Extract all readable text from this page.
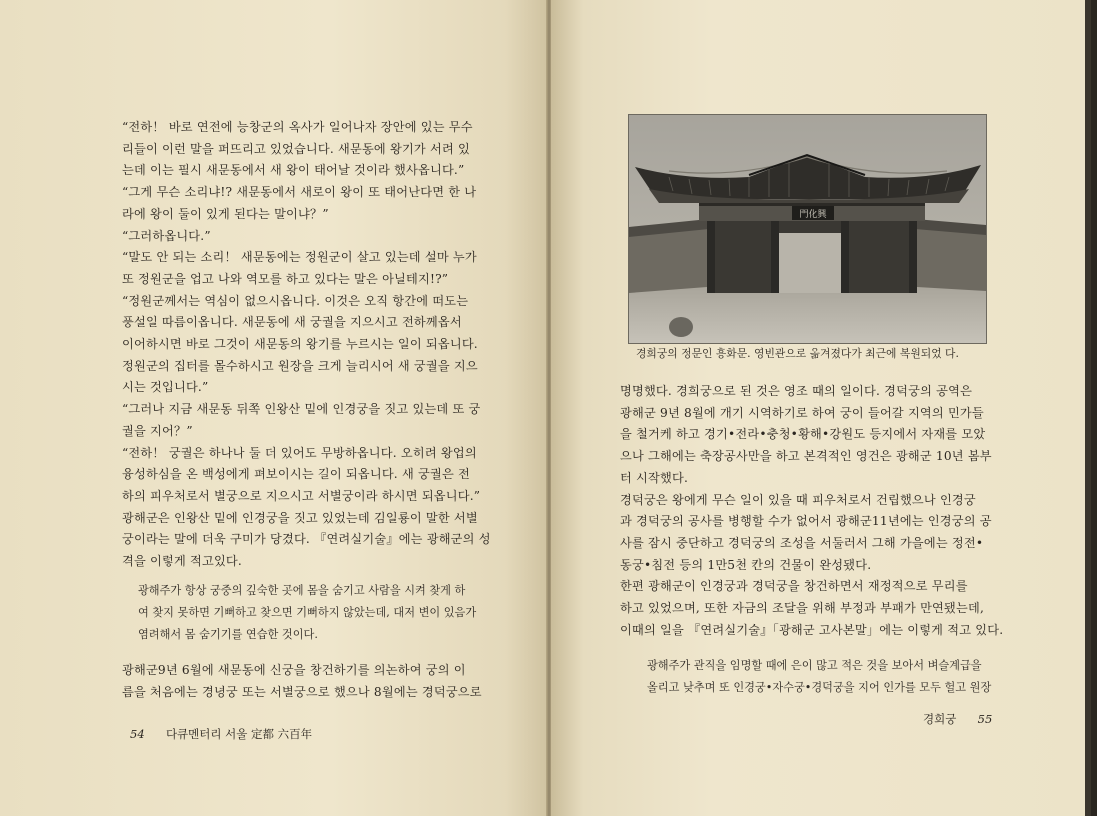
“전하！ 바로 연전에 능창군의 옥사가 일어나자 장안에 있는 무수

리들이 이런 말을 퍼뜨리고 있었습니다. 새문동에 왕기가 서려 있

는데 이는 필시 새문동에서 새 왕이 태어날 것이라 했사옵니다.”

“그게 무슨 소리냐!? 새문동에서 새로이 왕이 또 태어난다면 한 나

라에 왕이 둘이 있게 된다는 말이냐？”

“그러하옵니다.”

“말도 안 되는 소리！ 새문동에는 정원군이 살고 있는데 설마 누가

또 정원군을 업고 나와 역모를 하고 있다는 말은 아닐테지!?”

“정원군께서는 역심이 없으시옵니다. 이것은 오직 항간에 떠도는

풍설일 따름이옵니다. 새문동에 새 궁궐을 지으시고 전하께옵서

이어하시면 바로 그것이 새문동의 왕기를 누르시는 일이 되옵니다.

정원군의 집터를 몰수하시고 원장을 크게 늘리시어 새 궁궐을 지으

시는 것입니다.”

“그러나 지금 새문동 뒤쪽 인왕산 밑에 인경궁을 짓고 있는데 또 궁

궐을 지어？”

“전하！ 궁궐은 하나나 둘 더 있어도 무방하옵니다. 오히려 왕업의

융성하심을 온 백성에게 펴보이시는 길이 되옵니다. 새 궁궐은 전

하의 피우처로서 별궁으로 지으시고 서별궁이라 하시면 되옵니다.”

광해군은 인왕산 밑에 인경궁을 짓고 있었는데 김일룡이 말한 서별

궁이라는 말에 더욱 구미가 당겼다. 『연려실기술』에는 광해군의 성

격을 이렇게 적고있다.

광해주가 항상 궁중의 깊숙한 곳에 몸을 숨기고 사람을 시켜 찾게 하

여 찾지 못하면 기뻐하고 찾으면 기뻐하지 않았는데, 대저 변이 있음가

염려해서 몸 숨기기를 연습한 것이다.

광해군9년 6월에 새문동에 신궁을 창건하기를 의논하여 궁의 이

름을 처음에는 경녕궁 또는 서별궁으로 했으나 8월에는 경덕궁으로

54 다큐멘터리 서울 定都 六百年
門化興
경희궁의 정문인 흥화문. 영빈관으로 옮겨졌다가 최근에 복원되었 다.

명명했다. 경희궁으로 된 것은 영조 때의 일이다. 경덕궁의 공역은

광해군 9년 8월에 개기 시역하기로 하여 궁이 들어갈 지역의 민가들

을 철거케 하고 경기•전라•충청•황해•강원도 등지에서 자재를 모았

으나 그해에는 축장공사만을 하고 본격적인 영건은 광해군 10년 봄부

터 시작했다.

경덕궁은 왕에게 무슨 일이 있을 때 피우처로서 건립했으나 인경궁

과 경덕궁의 공사를 병행할 수가 없어서 광해군11년에는 인경궁의 공

사를 잠시 중단하고 경덕궁의 조성을 서둘러서 그해 가을에는 정전•

동궁•침전 등의 1만5천 칸의 건물이 완성됐다.

한편 광해군이 인경궁과 경덕궁을 창건하면서 재정적으로 무리를

하고 있었으며, 또한 자금의 조달을 위해 부정과 부패가 만연됐는데,

이때의 일을 『연려실기술』「광해군 고사본말」에는 이렇게 적고 있다.

광해주가 관직을 임명할 때에 은이 많고 적은 것을 보아서 벼슬계급을

올리고 낮추며 또 인경궁•자수궁•경덕궁을 지어 인가를 모두 헐고 원장

경희궁 55
